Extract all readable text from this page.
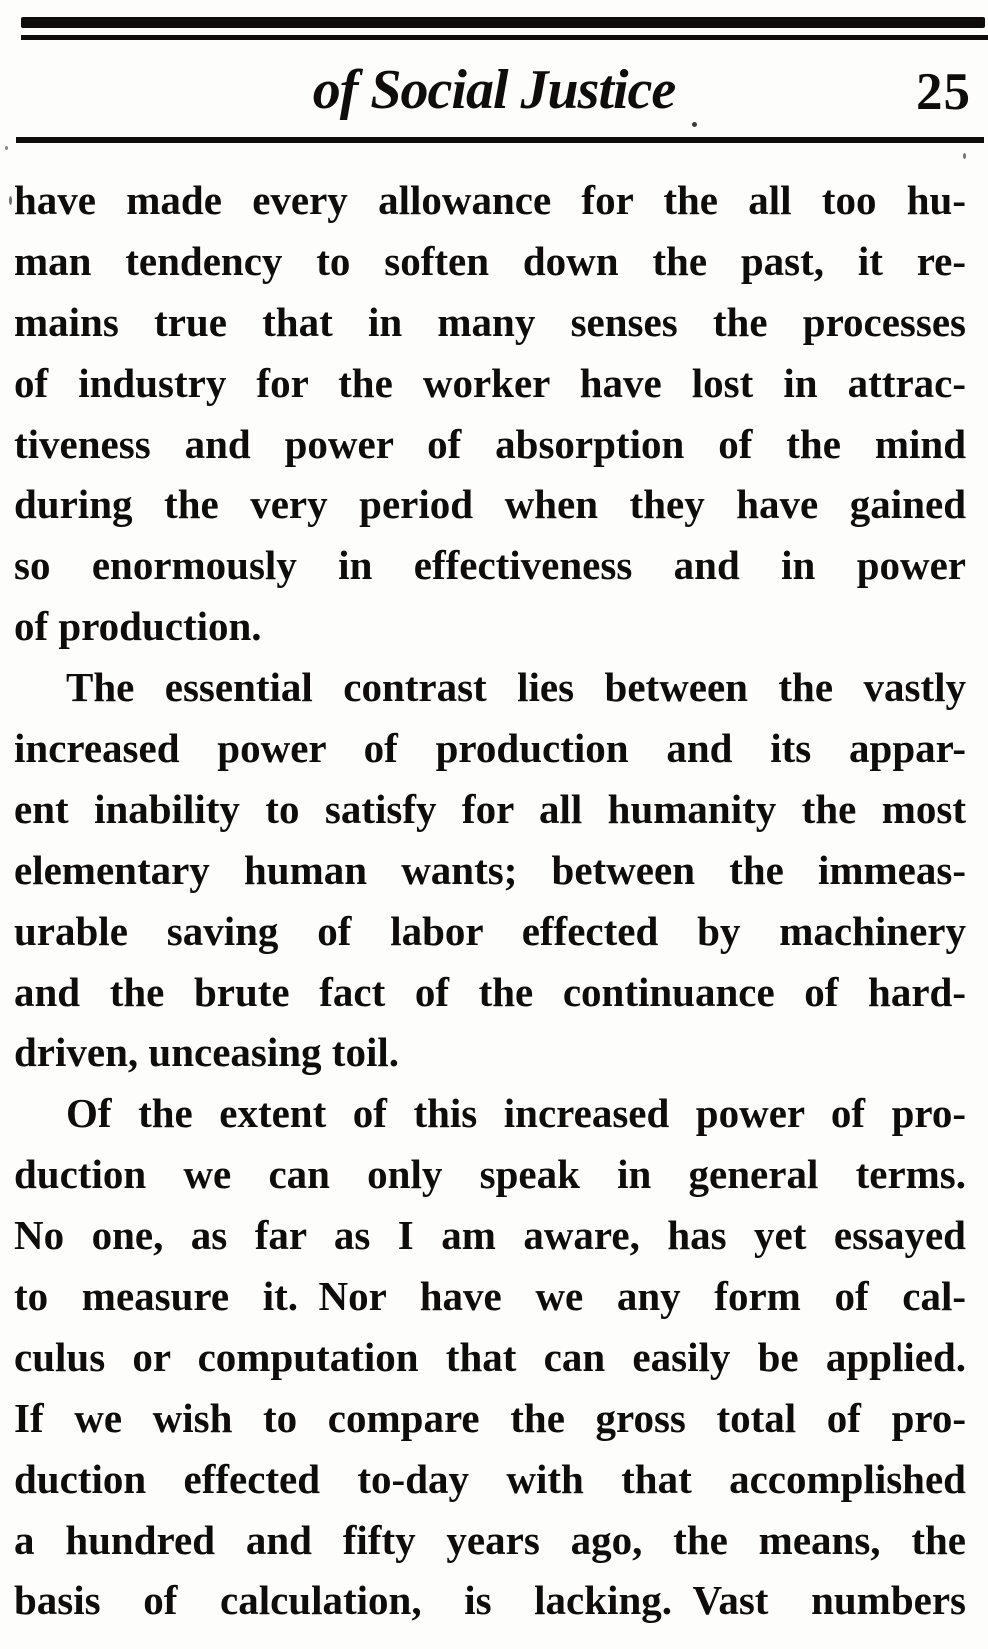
of Social Justice	25
have made every allowance for the all too hu-
man tendency to soften down the past, it re-
mains true that in many senses the processes
of industry for the worker have lost in attrac-
tiveness and power of absorption of the mind
during the very period when they have gained
so enormously in effectiveness and in power
of production.
The essential contrast lies between the vastly
increased power of production and its appar-
ent inability to satisfy for all humanity the most
elementary human wants; between the immeas-
urable saving of labor effected by machinery
and the brute fact of the continuance of hard-
driven, unceasing toil.
Of the extent of this increased power of pro-
duction we can only speak in general terms.
No one, as far as I am aware, has yet essayed
to measure it. Nor have we any form of cal-
culus or computation that can easily be applied.
If we wish to compare the gross total of pro-
duction effected to-day with that accomplished
a hundred and fifty years ago, the means, the
basis of calculation, is lacking. Vast numbers
